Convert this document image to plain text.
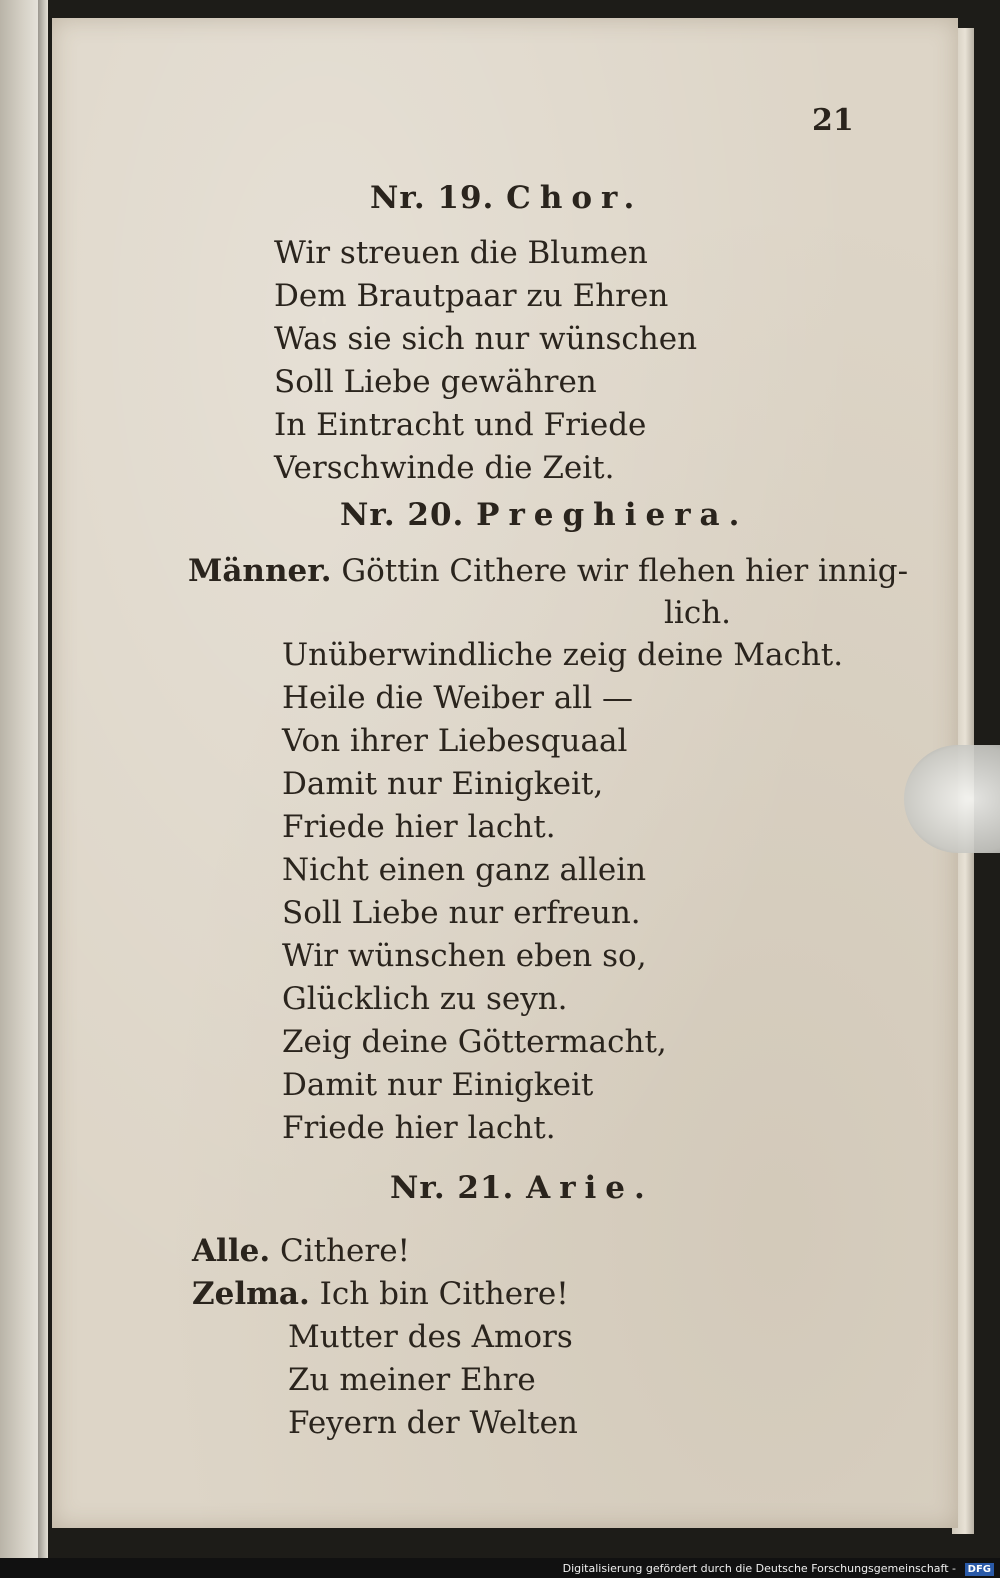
21
Nr. 19. Chor.
Wir streuen die Blumen
Dem Brautpaar zu Ehren
Was sie sich nur wünschen
Soll Liebe gewähren
In Eintracht und Friede
Verschwinde die Zeit.
Nr. 20. Preghiera.
Männer. Göttin Cithere wir flehen hier innig-
lich.
Unüberwindliche zeig deine Macht.
Heile die Weiber all —
Von ihrer Liebesquaal
Damit nur Einigkeit,
Friede hier lacht.
Nicht einen ganz allein
Soll Liebe nur erfreun.
Wir wünschen eben so,
Glücklich zu seyn.
Zeig deine Göttermacht,
Damit nur Einigkeit
Friede hier lacht.
Nr. 21. Arie.
Alle. Cithere!
Zelma. Ich bin Cithere!
Mutter des Amors
Zu meiner Ehre
Feyern der Welten
Digitalisierung gefördert durch die Deutsche Forschungsgemeinschaft -	DFG
